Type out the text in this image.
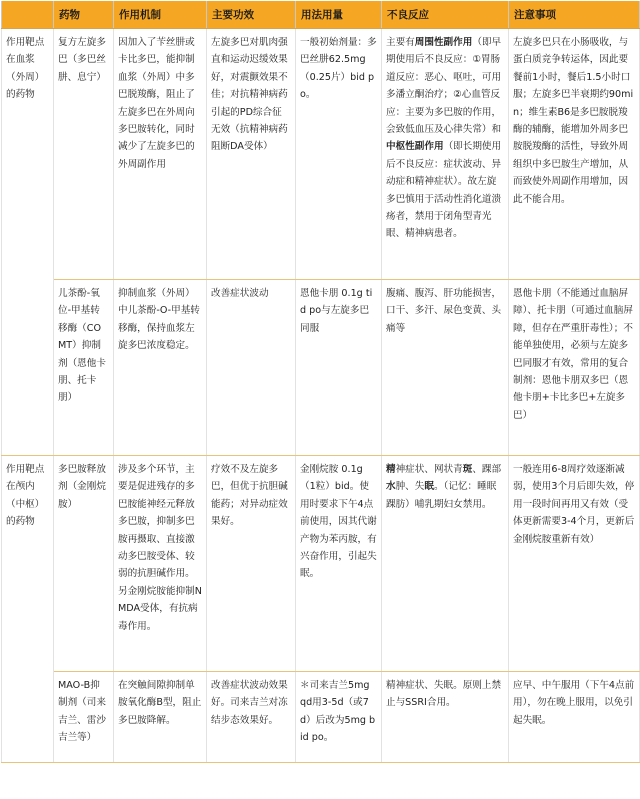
	药物	作用机制	主要功效	用法用量	不良反应	注意事项
作用靶点在血浆（外周）的药物	复方左旋多巴（多巴丝肼、息宁）	因加入了苄丝肼或卡比多巴，能抑制血浆（外周）中多巴脱羧酶，阻止了左旋多巴在外周向多巴胺转化，同时减少了左旋多巴的外周副作用	左旋多巴对肌肉强直和运动迟缓效果好，对震颤效果不佳；对抗精神病药引起的PD综合征无效（抗精神病药阻断DA受体）	一般初始剂量：多巴丝肼62.5mg（0.25片）bid po。	主要有周围性副作用（即早期使用后不良反应：①胃肠道反应：恶心、呕吐，可用多潘立酮治疗；②心血管反应：主要为多巴胺的作用，会致低血压及心律失常）和中枢性副作用（即长期使用后不良反应：症状波动、异动症和精神症状）。故左旋多巴慎用于活动性消化道溃疡者，禁用于闭角型青光眼、精神病患者。	左旋多巴只在小肠吸收，与蛋白质竞争转运体，因此要餐前1小时，餐后1.5小时口服；左旋多巴半衰期约90min；维生素B6是多巴胺脱羧酶的辅酶，能增加外周多巴胺脱羧酶的活性，导致外周组织中多巴胺生产增加，从而致使外周副作用增加，因此不能合用。
	儿茶酚-氧位-甲基转移酶（COMT）抑制剂（恩他卡朋、托卡朋）	抑制血浆（外周）中儿茶酚-O-甲基转移酶，保持血浆左旋多巴浓度稳定。	改善症状波动	恩他卡朋 0.1g tid po与左旋多巴同服	腹痛、腹泻、肝功能损害，口干、多汗、尿色变黄、头痛等	恩他卡朋（不能通过血脑屏障）、托卡朋（可通过血脑屏障，但存在严重肝毒性）；不能单独使用，必须与左旋多巴同服才有效，常用的复合制剂：恩他卡朋双多巴（恩他卡朋+卡比多巴+左旋多巴）
作用靶点在颅内（中枢）的药物	多巴胺释放剂（金刚烷胺）	涉及多个环节，主要是促进残存的多巴胺能神经元释放多巴胺，抑制多巴胺再摄取、直接激动多巴胺受体、较弱的抗胆碱作用。另金刚烷胺能抑制NMDA受体，有抗病毒作用。	疗效不及左旋多巴，但优于抗胆碱能药；对异动症效果好。	金刚烷胺 0.1g（1粒）bid。使用时要求下午4点前使用，因其代谢产物为苯丙胺，有兴奋作用，引起失眠。	精神症状、网状青斑、踝部水肿、失眠。（记忆：睡眠踝肪）哺乳期妇女禁用。	一般连用6-8周疗效逐渐减弱，使用3个月后即失效，停用一段时间再用又有效（受体更新需要3-4个月，更新后金刚烷胺重新有效）
	MAO-B抑制剂（司来吉兰、雷沙吉兰等）	在突触间隙抑制单胺氧化酶B型，阻止多巴胺降解。	改善症状波动效果好。司来吉兰对冻结步态效果好。	＊司来吉兰5mg qd用3-5d（或7d）后改为5mg bid po。	精神症状、失眠。原则上禁止与SSRI合用。	应早、中午服用（下午4点前用），勿在晚上服用，以免引起失眠。
